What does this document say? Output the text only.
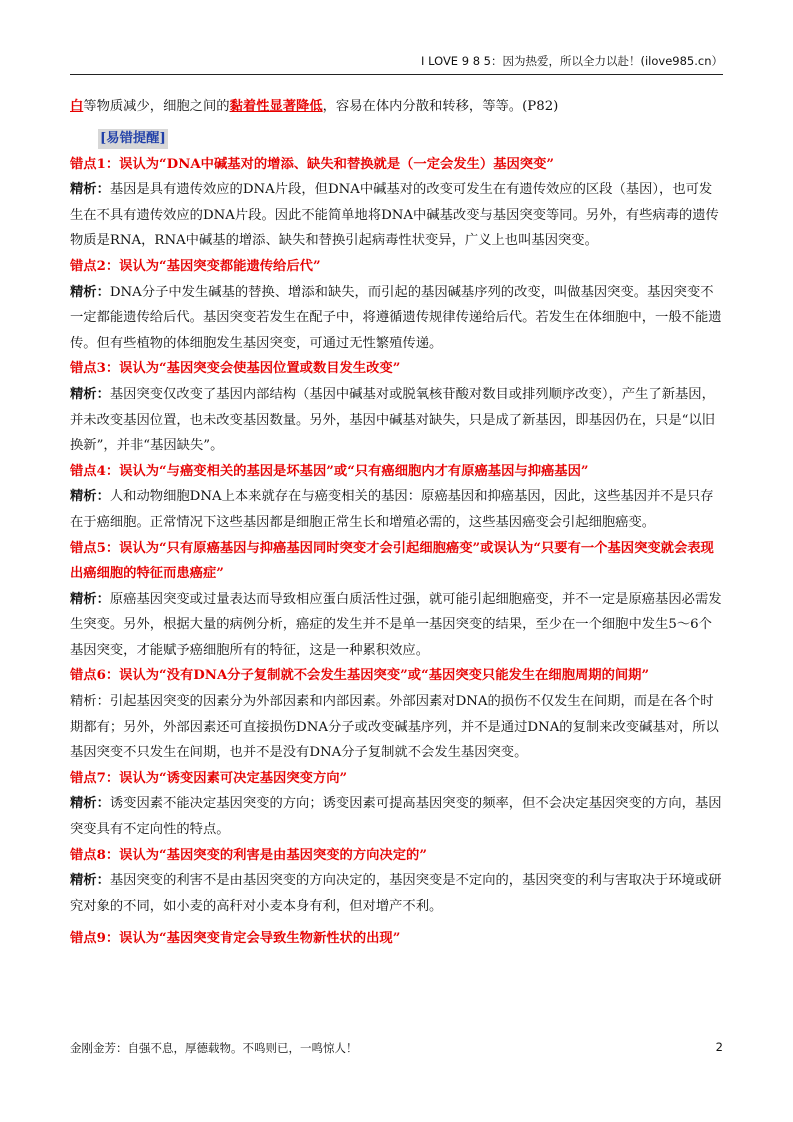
I LOVE 9 8 5：因为热爱，所以全力以赴！(ilove985.cn）

白等物质减少，细胞之间的黏着性显著降低，容易在体内分散和转移，等等。(P82)

[易错提醒]

错点1：误认为“DNA中碱基对的增添、缺失和替换就是（一定会发生）基因突变”

精析：基因是具有遗传效应的DNA片段，但DNA中碱基对的改变可发生在有遗传效应的区段（基因），也可发生在不具有遗传效应的DNA片段。因此不能简单地将DNA中碱基改变与基因突变等同。另外，有些病毒的遗传物质是RNA，RNA中碱基的增添、缺失和替换引起病毒性状变异，广义上也叫基因突变。

错点2：误认为“基因突变都能遗传给后代”

精析：DNA分子中发生碱基的替换、增添和缺失，而引起的基因碱基序列的改变，叫做基因突变。基因突变不一定都能遗传给后代。基因突变若发生在配子中，将遵循遗传规律传递给后代。若发生在体细胞中，一般不能遗传。但有些植物的体细胞发生基因突变，可通过无性繁殖传递。

错点3：误认为“基因突变会使基因位置或数目发生改变”

精析：基因突变仅改变了基因内部结构（基因中碱基对或脱氧核苷酸对数目或排列顺序改变），产生了新基因，并未改变基因位置，也未改变基因数量。另外，基因中碱基对缺失，只是成了新基因，即基因仍在，只是“以旧换新”，并非“基因缺失”。

错点4：误认为“与癌变相关的基因是坏基因”或“只有癌细胞内才有原癌基因与抑癌基因”

精析：人和动物细胞DNA上本来就存在与癌变相关的基因：原癌基因和抑癌基因，因此，这些基因并不是只存在于癌细胞。正常情况下这些基因都是细胞正常生长和增殖必需的，这些基因癌变会引起细胞癌变。

错点5：误认为“只有原癌基因与抑癌基因同时突变才会引起细胞癌变”或误认为“只要有一个基因突变就会表现出癌细胞的特征而患癌症”

精析：原癌基因突变或过量表达而导致相应蛋白质活性过强，就可能引起细胞癌变，并不一定是原癌基因必需发生突变。另外，根据大量的病例分析，癌症的发生并不是单一基因突变的结果，至少在一个细胞中发生5～6个基因突变，才能赋予癌细胞所有的特征，这是一种累积效应。

错点6：误认为“没有DNA分子复制就不会发生基因突变”或“基因突变只能发生在细胞周期的间期”

精析：引起基因突变的因素分为外部因素和内部因素。外部因素对DNA的损伤不仅发生在间期，而是在各个时期都有；另外，外部因素还可直接损伤DNA分子或改变碱基序列，并不是通过DNA的复制来改变碱基对，所以基因突变不只发生在间期，也并不是没有DNA分子复制就不会发生基因突变。

错点7：误认为“诱变因素可决定基因突变方向”

精析：诱变因素不能决定基因突变的方向；诱变因素可提高基因突变的频率，但不会决定基因突变的方向，基因突变具有不定向性的特点。

错点8：误认为“基因突变的利害是由基因突变的方向决定的”

精析：基因突变的利害不是由基因突变的方向决定的，基因突变是不定向的，基因突变的利与害取决于环境或研究对象的不同，如小麦的高秆对小麦本身有利，但对增产不利。

错点9：误认为“基因突变肯定会导致生物新性状的出现”

金刚金芳：自强不息，厚德载物。不鸣则已，一鸣惊人！	2
